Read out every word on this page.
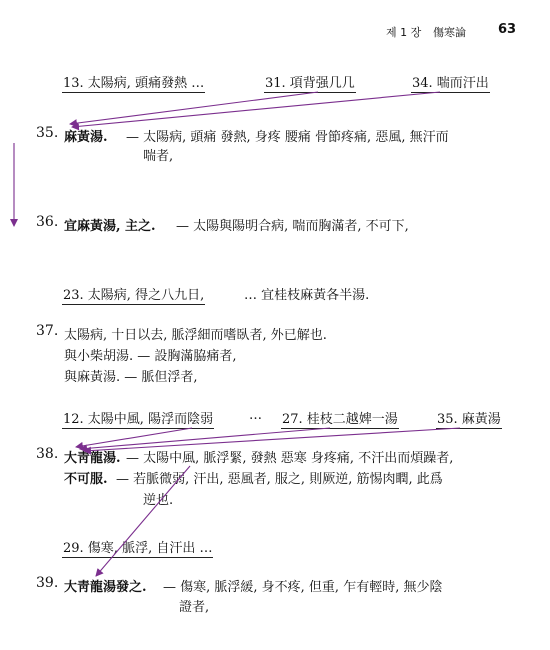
제 1 장 傷寒論 63
13. 太陽病, 頭痛發熱 …	31. 項背强几几	34. 喘而汗出
35. 麻黃湯. — 太陽病, 頭痛 發熱, 身疼 腰痛 骨節疼痛, 惡風, 無汗而
喘者,
36. 宜麻黃湯, 主之. — 太陽與陽明合病, 喘而胸滿者, 不可下,
23. 太陽病, 得之八九日,	… 宜桂枝麻黃各半湯.
37. 太陽病, 十日以去, 脈浮細而嗜臥者, 外已解也.
與小柴胡湯. — 設胸滿脇痛者,
與麻黃湯. — 脈但浮者,
12. 太陽中風, 陽浮而陰弱	… 27. 桂枝二越婢一湯	35. 麻黃湯
38. 大靑龍湯. — 太陽中風, 脈浮緊, 發熱 惡寒 身疼痛, 不汗出而煩躁者,
不可服. — 若脈微弱, 汗出, 惡風者, 服之, 則厥逆, 筋惕肉瞤, 此爲
逆也.
29. 傷寒, 脈浮, 自汗出 …
39. 大靑龍湯發之. — 傷寒, 脈浮緩, 身不疼, 但重, 乍有輕時, 無少陰
證者,
